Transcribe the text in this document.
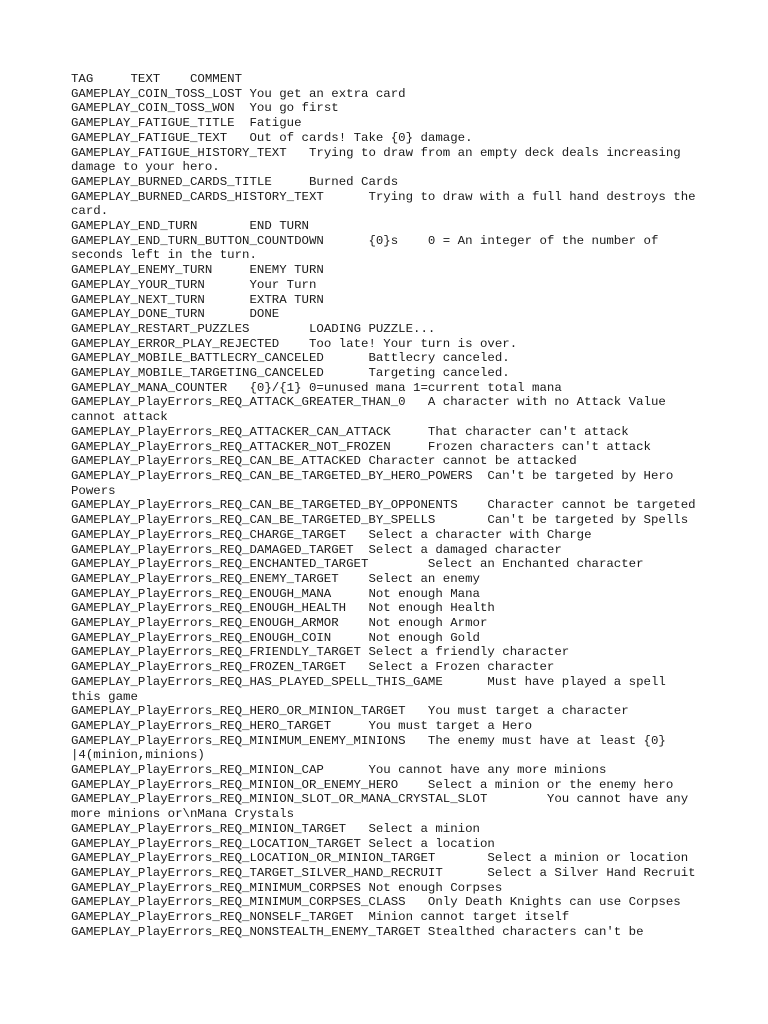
TAG	TEXT	COMMENT
GAMEPLAY_COIN_TOSS_LOST	You get an extra card
GAMEPLAY_COIN_TOSS_WON	You go first
GAMEPLAY_FATIGUE_TITLE	Fatigue
GAMEPLAY_FATIGUE_TEXT	Out of cards! Take {0} damage.
GAMEPLAY_FATIGUE_HISTORY_TEXT	Trying to draw from an empty deck deals increasing damage to your hero.
GAMEPLAY_BURNED_CARDS_TITLE	Burned Cards
GAMEPLAY_BURNED_CARDS_HISTORY_TEXT	Trying to draw with a full hand destroys the card.
GAMEPLAY_END_TURN	END TURN
GAMEPLAY_END_TURN_BUTTON_COUNTDOWN	{0}s	0 = An integer of the number of seconds left in the turn.
GAMEPLAY_ENEMY_TURN	ENEMY TURN
GAMEPLAY_YOUR_TURN	Your Turn
GAMEPLAY_NEXT_TURN	EXTRA TURN
GAMEPLAY_DONE_TURN	DONE
GAMEPLAY_RESTART_PUZZLES	LOADING PUZZLE...
GAMEPLAY_ERROR_PLAY_REJECTED	Too late! Your turn is over.
GAMEPLAY_MOBILE_BATTLECRY_CANCELED	Battlecry canceled.
GAMEPLAY_MOBILE_TARGETING_CANCELED	Targeting canceled.
GAMEPLAY_MANA_COUNTER	{0}/{1}	0=unused mana 1=current total mana
GAMEPLAY_PlayErrors_REQ_ATTACK_GREATER_THAN_0	A character with no Attack Value cannot attack
GAMEPLAY_PlayErrors_REQ_ATTACKER_CAN_ATTACK	That character can't attack
GAMEPLAY_PlayErrors_REQ_ATTACKER_NOT_FROZEN	Frozen characters can't attack
GAMEPLAY_PlayErrors_REQ_CAN_BE_ATTACKED	Character cannot be attacked
GAMEPLAY_PlayErrors_REQ_CAN_BE_TARGETED_BY_HERO_POWERS	Can't be targeted by Hero Powers
GAMEPLAY_PlayErrors_REQ_CAN_BE_TARGETED_BY_OPPONENTS	Character cannot be targeted
GAMEPLAY_PlayErrors_REQ_CAN_BE_TARGETED_BY_SPELLS	Can't be targeted by Spells
GAMEPLAY_PlayErrors_REQ_CHARGE_TARGET	Select a character with Charge
GAMEPLAY_PlayErrors_REQ_DAMAGED_TARGET	Select a damaged character
GAMEPLAY_PlayErrors_REQ_ENCHANTED_TARGET	Select an Enchanted character
GAMEPLAY_PlayErrors_REQ_ENEMY_TARGET	Select an enemy
GAMEPLAY_PlayErrors_REQ_ENOUGH_MANA	Not enough Mana
GAMEPLAY_PlayErrors_REQ_ENOUGH_HEALTH	Not enough Health
GAMEPLAY_PlayErrors_REQ_ENOUGH_ARMOR	Not enough Armor
GAMEPLAY_PlayErrors_REQ_ENOUGH_COIN	Not enough Gold
GAMEPLAY_PlayErrors_REQ_FRIENDLY_TARGET	Select a friendly character
GAMEPLAY_PlayErrors_REQ_FROZEN_TARGET	Select a Frozen character
GAMEPLAY_PlayErrors_REQ_HAS_PLAYED_SPELL_THIS_GAME	Must have played a spell this game
GAMEPLAY_PlayErrors_REQ_HERO_OR_MINION_TARGET	You must target a character
GAMEPLAY_PlayErrors_REQ_HERO_TARGET	You must target a Hero
GAMEPLAY_PlayErrors_REQ_MINIMUM_ENEMY_MINIONS	The enemy must have at least {0} |4(minion,minions)
GAMEPLAY_PlayErrors_REQ_MINION_CAP	You cannot have any more minions
GAMEPLAY_PlayErrors_REQ_MINION_OR_ENEMY_HERO	Select a minion or the enemy hero
GAMEPLAY_PlayErrors_REQ_MINION_SLOT_OR_MANA_CRYSTAL_SLOT	You cannot have any more minions or\nMana Crystals
GAMEPLAY_PlayErrors_REQ_MINION_TARGET	Select a minion
GAMEPLAY_PlayErrors_REQ_LOCATION_TARGET	Select a location
GAMEPLAY_PlayErrors_REQ_LOCATION_OR_MINION_TARGET	Select a minion or location
GAMEPLAY_PlayErrors_REQ_TARGET_SILVER_HAND_RECRUIT	Select a Silver Hand Recruit
GAMEPLAY_PlayErrors_REQ_MINIMUM_CORPSES	Not enough Corpses
GAMEPLAY_PlayErrors_REQ_MINIMUM_CORPSES_CLASS	Only Death Knights can use Corpses
GAMEPLAY_PlayErrors_REQ_NONSELF_TARGET	Minion cannot target itself
GAMEPLAY_PlayErrors_REQ_NONSTEALTH_ENEMY_TARGET	Stealthed characters can't be
